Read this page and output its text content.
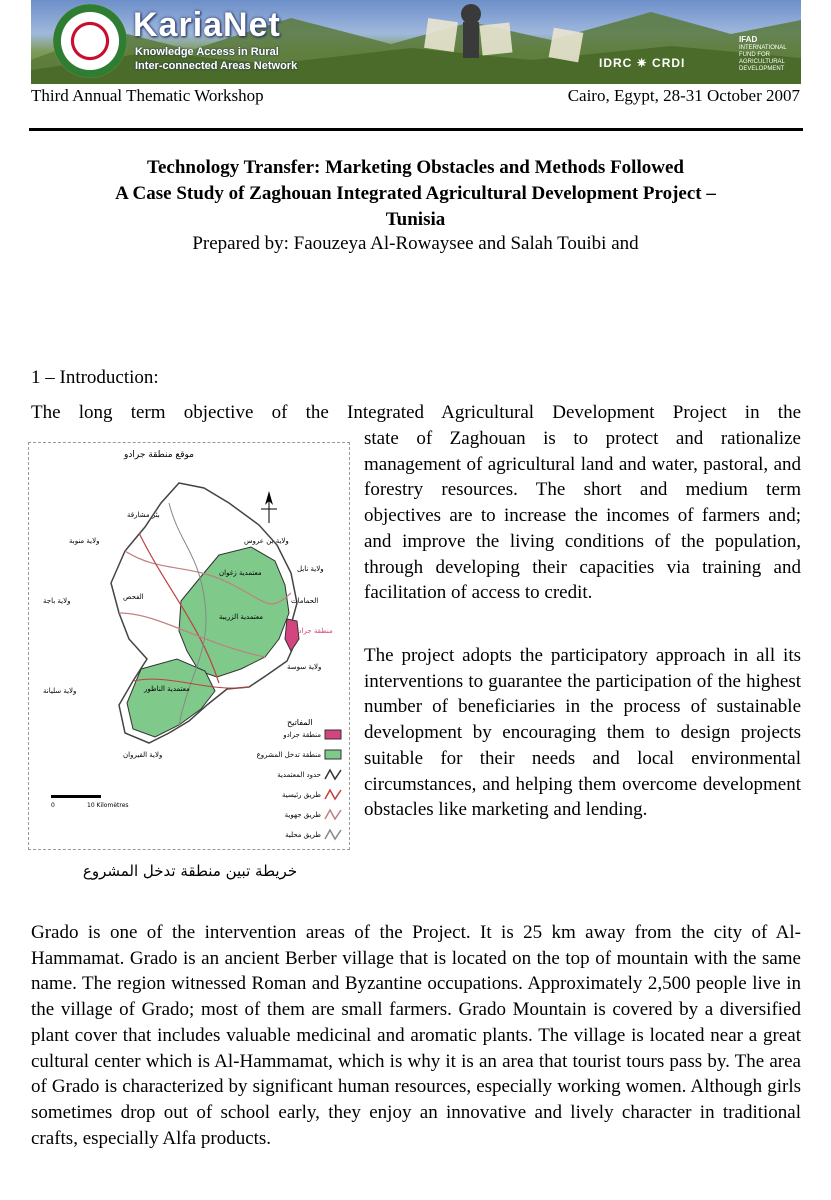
KariaNet
Knowledge Access in Rural
Inter-connected Areas Network	IDRC ✷ CRDI
IFAD
INTERNATIONAL FUND FOR AGRICULTURAL DEVELOPMENT
Third Annual Thematic Workshop	Cairo, Egypt, 28-31 October 2007
Technology Transfer: Marketing Obstacles and Methods Followed
A Case Study of Zaghouan Integrated Agricultural Development Project –
Tunisia
Prepared by: Faouzeya Al-Rowaysee and Salah Touibi and
1 – Introduction:
The long term objective of the Integrated Agricultural Development Project in the
state of Zaghouan is to protect and rationalize management of agricultural land and water, pastoral, and forestry resources. The short and medium term objectives are to increase the incomes of farmers and; and improve the living conditions of the population, through developing their capacities via training and facilitation of access to credit.
The project adopts the participatory approach in all its interventions to guarantee the participation of the highest number of beneficiaries in the process of sustainable development by encouraging them to design projects suitable for their needs and local environmental circumstances, and helping them overcome development obstacles like marketing and lending.
موقع منطقة جرادو
ولاية منوبة	ولاية بن عروس
ولاية نابل
ولاية باجة
ولاية سليانة
ولاية القيروان
ولاية سوسة
معتمدية زغوان
معتمدية الزريبة
الفحص
معتمدية الناظور
بئر مشارقة
الحمامات
منطقة جرادو
المفاتيح
منطقة جرادو
منطقة تدخل المشروع
حدود المعتمدية
طريق رئيسية
طريق جهوية
طريق محلية
0	10 Kilomètres
خريطة تبين منطقة تدخل المشروع
Grado is one of the intervention areas of the Project. It is 25 km away from the city of Al-Hammamat. Grado is an ancient Berber village that is located on the top of mountain with the same name. The region witnessed Roman and Byzantine occupations. Approximately 2,500 people live in the village of Grado; most of them are small farmers. Grado Mountain is covered by a diversified plant cover that includes valuable medicinal and aromatic plants. The village is located near a great cultural center which is Al-Hammamat, which is why it is an area that tourist tours pass by. The area of Grado is characterized by significant human resources, especially working women. Although girls sometimes drop out of school early, they enjoy an innovative and lively character in traditional crafts, especially Alfa products.
